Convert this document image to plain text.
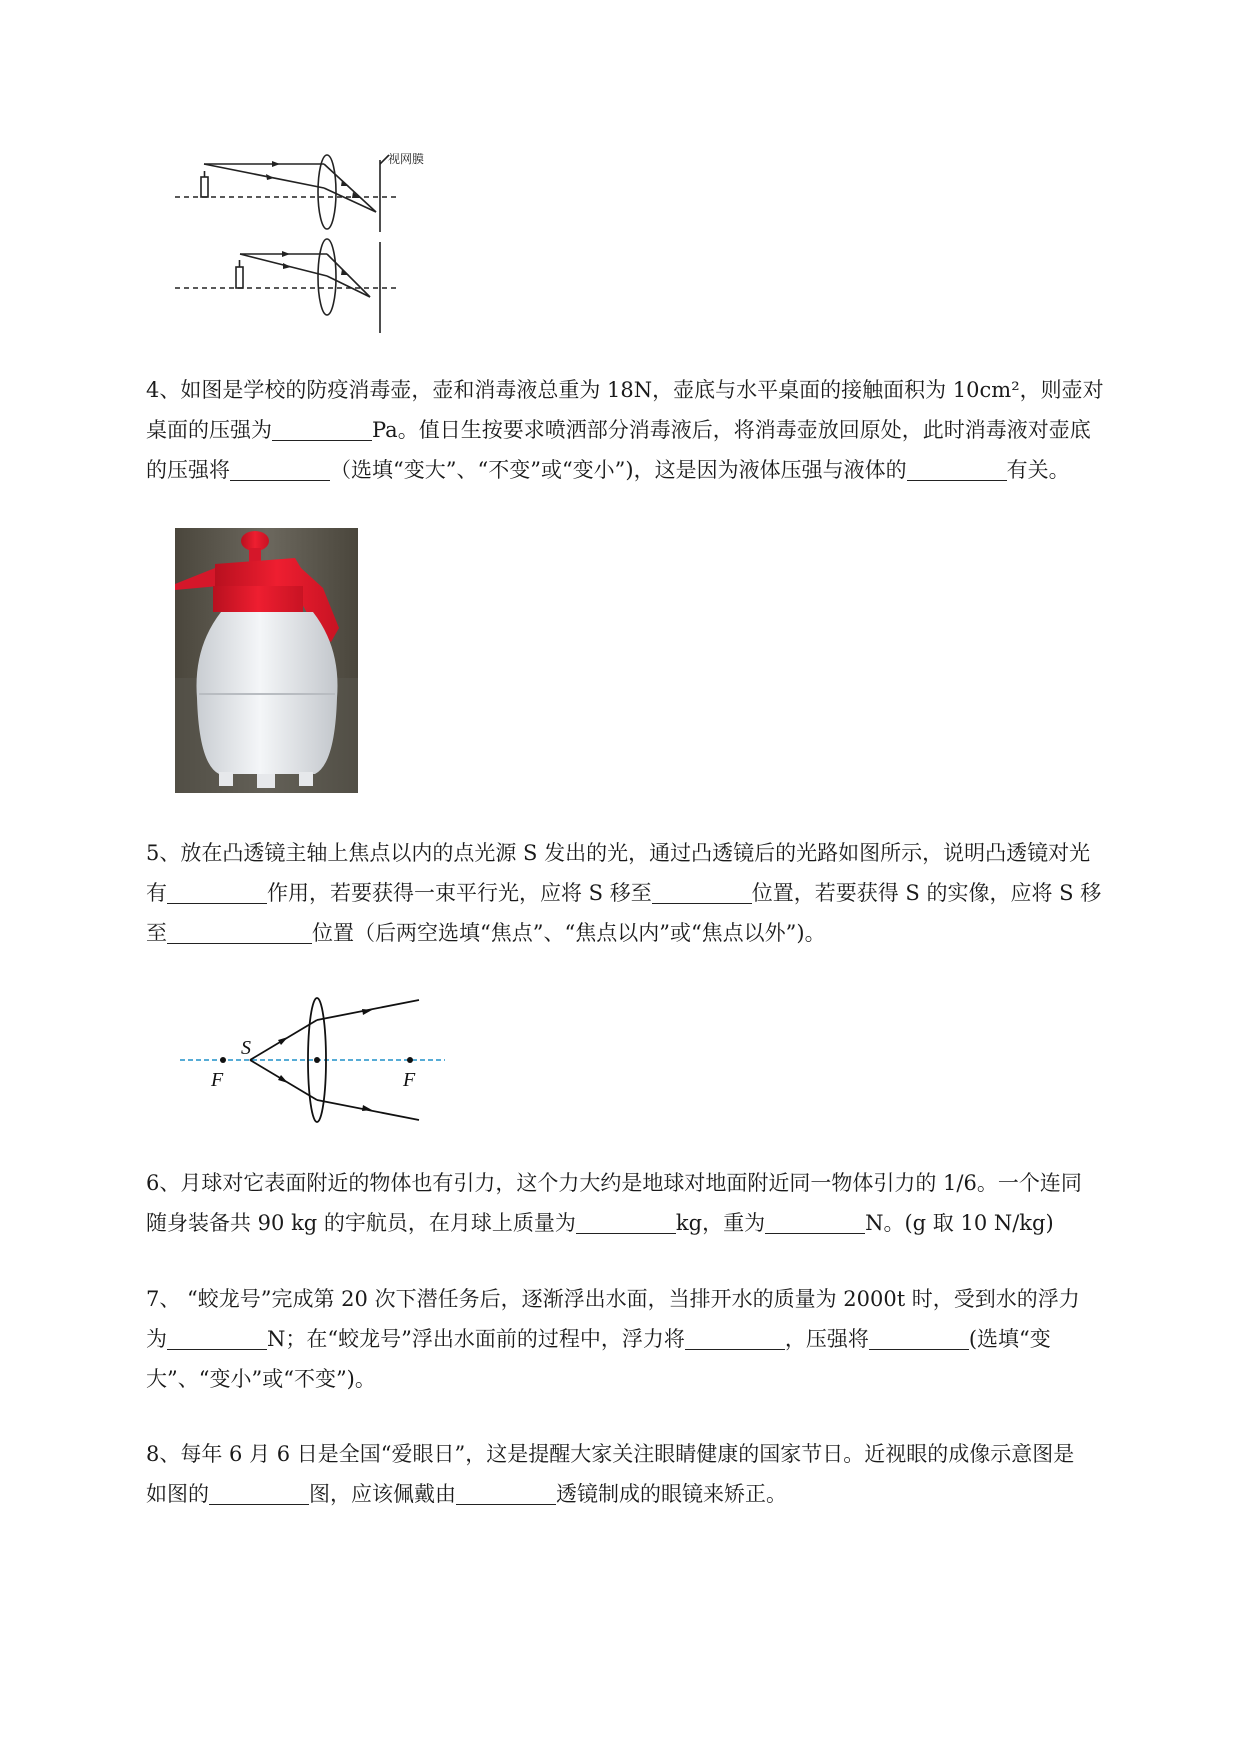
视网膜
4、如图是学校的防疫消毒壶，壶和消毒液总重为 18N，壶底与水平桌面的接触面积为 10cm²，则壶对
桌面的压强为	Pa。值日生按要求喷洒部分消毒液后，将消毒壶放回原处，此时消毒液对壶底
的压强将	（选填“变大”、“不变”或“变小”)，这是因为液体压强与液体的	有关。
5、放在凸透镜主轴上焦点以内的点光源 S 发出的光，通过凸透镜后的光路如图所示，说明凸透镜对光
有	作用，若要获得一束平行光，应将 S 移至	位置，若要获得 S 的实像，应将 S 移
至	位置（后两空选填“焦点”、“焦点以内”或“焦点以外”)。
S
F	F
6、月球对它表面附近的物体也有引力，这个力大约是地球对地面附近同一物体引力的 1/6。一个连同
随身装备共 90 kg 的宇航员，在月球上质量为	kg，重为	N。(g 取 10 N/kg)
7、 “蛟龙号”完成第 20 次下潜任务后，逐渐浮出水面，当排开水的质量为 2000t 时，受到水的浮力
为	N；在“蛟龙号”浮出水面前的过程中，浮力将	，压强将	(选填“变
大”、“变小”或“不变”)。
8、每年 6 月 6 日是全国“爱眼日”，这是提醒大家关注眼睛健康的国家节日。近视眼的成像示意图是
如图的	图，应该佩戴由	透镜制成的眼镜来矫正。
